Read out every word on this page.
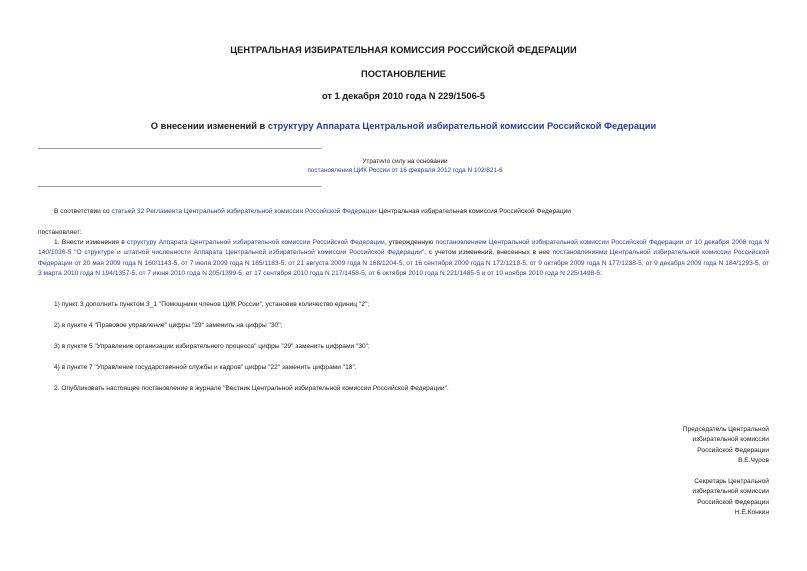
ЦЕНТРАЛЬНАЯ ИЗБИРАТЕЛЬНАЯ КОМИССИЯ РОССИЙСКОЙ ФЕДЕРАЦИИ
ПОСТАНОВЛЕНИЕ
от 1 декабря 2010 года N 229/1506-5
О внесении изменений в структуру Аппарата Центральной избирательной комиссии Российской Федерации
Утратило силу на основании
постановления ЦИК России от 16 февраля 2012 года N 102/821-6
В соответствии со статьей 32 Регламента Центральной избирательной комиссии Российской Федерации Центральная избирательная комиссия Российской Федерации
постановляет:
1. Внести изменения в структуру Аппарата Центральной избирательной комиссии Российской Федерации, утвержденную постановлением Центральной избирательной комиссии Российской Федерации от 10 декабря 2008 года N 140/1036-5 "О структуре и штатной численности Аппарата Центральной избирательной комиссии Российской Федерации", с учетом изменений, внесенных в нее постановлениями Центральной избирательной комиссии Российской Федерации от 20 мая 2009 года N 160/1143-5, от 7 июля 2009 года N 165/1183-5, от 21 августа 2009 года N 168/1204-5, от 16 сентября 2009 года N 172/1218-5, от 9 октября 2009 года N 177/1238-5, от 9 декабря 2009 года N 184/1293-5, от 3 марта 2010 года N 194/1357-5, от 7 июня 2010 года N 205/1399-5, от 17 сентября 2010 года N 217/1458-5, от 6 октября 2010 года N 221/1485-5 и от 10 ноября 2010 года N 225/1498-5:
1) пункт 3 дополнить пунктом 3_1 "Помощники членов ЦИК России", установив количество единиц "2";
2) в пункте 4 "Правовое управление" цифры "29" заменить на цифры "30";
3) в пункте 5 "Управление организации избирательного процесса" цифры "29" заменить цифрами "30";
4) в пункте 7 "Управление государственной службы и кадров" цифры "22" заменить цифрами "18".
2. Опубликовать настоящее постановление в журнале "Вестник Центральной избирательной комиссии Российской Федерации".
Председатель Центральной
избирательной комиссии
Российской Федерации
В.Е.Чуров
Секретарь Центральной
избирательной комиссии
Российской Федерации
Н.Е.Конкин
